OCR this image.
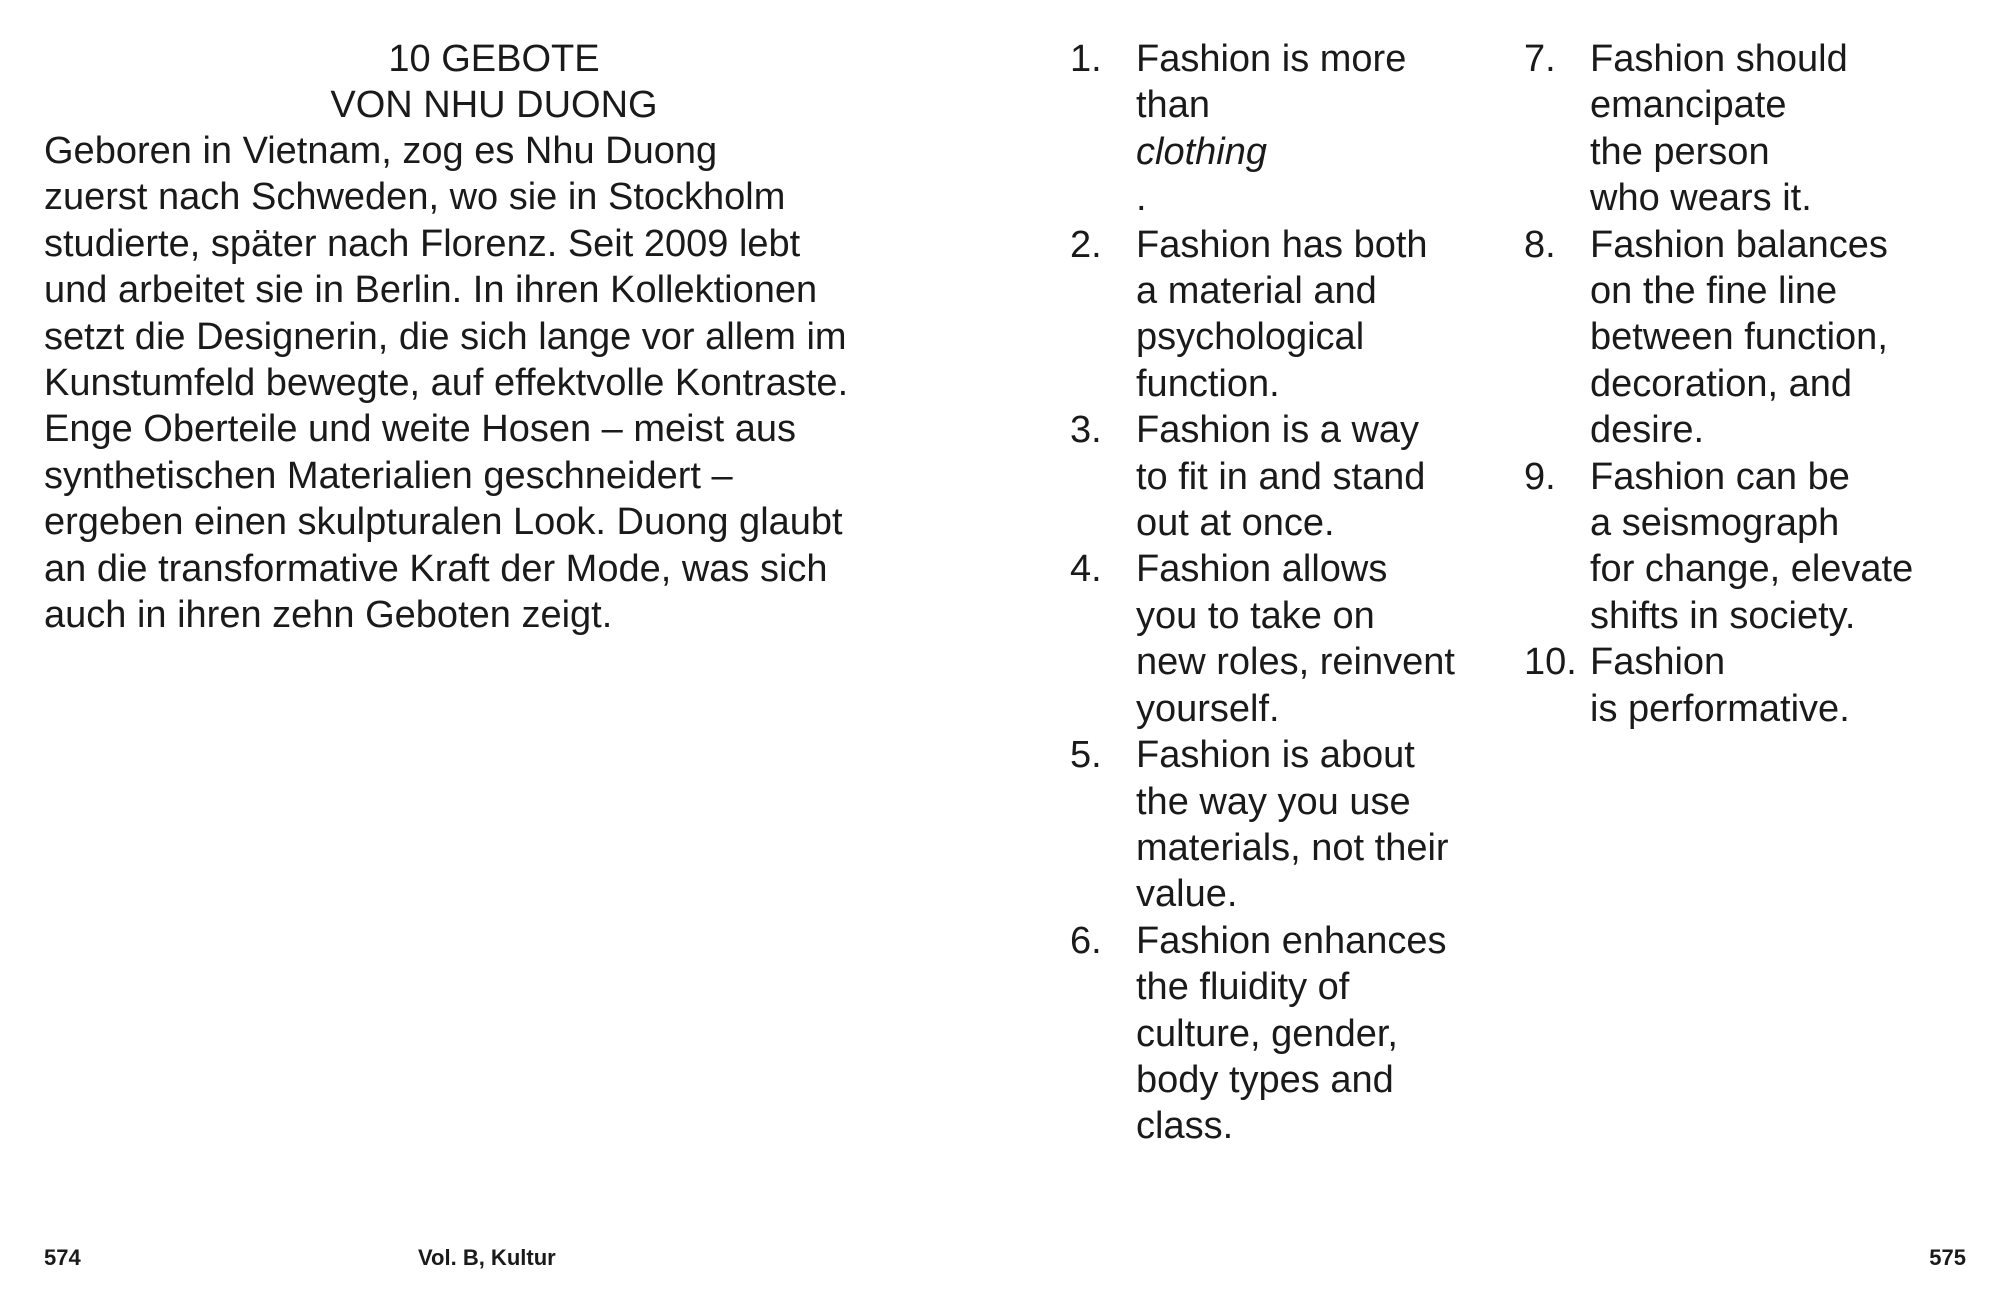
10 GEBOTE
VON NHU DUONG

Geboren in Vietnam, zog es Nhu Duong
zuerst nach Schweden, wo sie in Stockholm
studierte, später nach Florenz. Seit 2009 lebt
und arbeitet sie in Berlin. In ihren Kollektionen
setzt die Designerin, die sich lange vor allem im
Kunstumfeld bewegte, auf effektvolle Kontraste.
Enge Oberteile und weite Hosen – meist aus
synthetischen Materialien geschneidert –
ergeben einen skulpturalen Look. Duong glaubt
an die transformative Kraft der Mode, was sich
auch in ihren zehn Geboten zeigt.

574	Vol. B, Kultur
1. Fashion is more
than
clothing
.
2. Fashion has both
a material and
psychological
function.
3. Fashion is a way
to fit in and stand
out at once.
4. Fashion allows
you to take on
new roles, reinvent
yourself.
5. Fashion is about
the way you use
materials, not their
value.
6. Fashion enhances
the fluidity of
culture, gender,
body types and
class.
7. Fashion should
emancipate
the person
who wears it.
8. Fashion balances
on the fine line
between function,
decoration, and
desire.
9. Fashion can be
a seismograph
for change, elevate
shifts in society.
10. Fashion
is performative.
575
